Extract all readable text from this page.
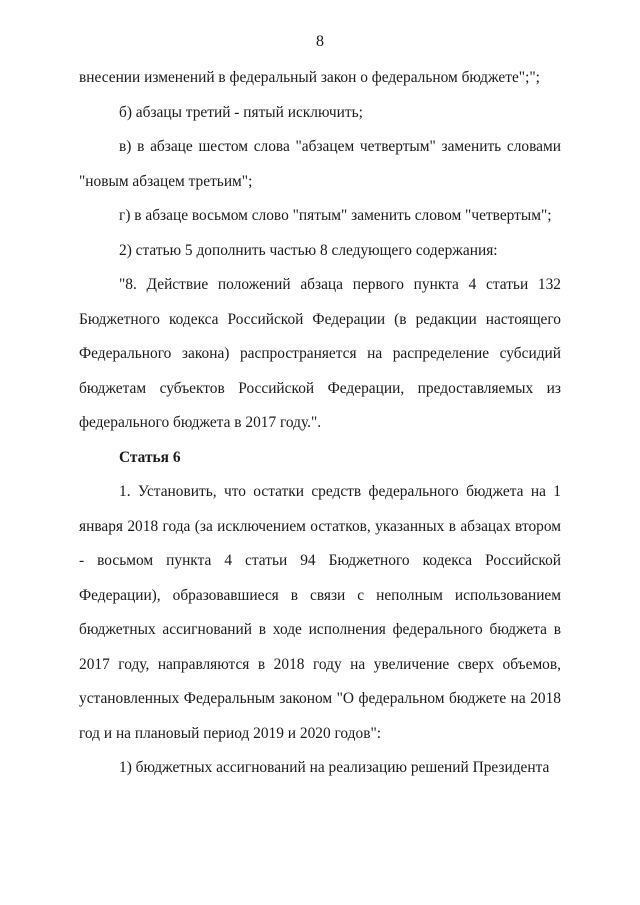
8

внесении изменений в федеральный закон о федеральном бюджете";";

б) абзацы третий - пятый исключить;

в) в абзаце шестом слова "абзацем четвертым" заменить словами "новым абзацем третьим";

г) в абзаце восьмом слово "пятым" заменить словом "четвертым";

2) статью 5 дополнить частью 8 следующего содержания:

"8. Действие положений абзаца первого пункта 4 статьи 132 Бюджетного кодекса Российской Федерации (в редакции настоящего Федерального закона) распространяется на распределение субсидий бюджетам субъектов Российской Федерации, предоставляемых из федерального бюджета в 2017 году.".

Статья 6

1. Установить, что остатки средств федерального бюджета на 1 января 2018 года (за исключением остатков, указанных в абзацах втором - восьмом пункта 4 статьи 94 Бюджетного кодекса Российской Федерации), образовавшиеся в связи с неполным использованием бюджетных ассигнований в ходе исполнения федерального бюджета в 2017 году, направляются в 2018 году на увеличение сверх объемов, установленных Федеральным законом "О федеральном бюджете на 2018 год и на плановый период 2019 и 2020 годов":

1) бюджетных ассигнований на реализацию решений Президента
